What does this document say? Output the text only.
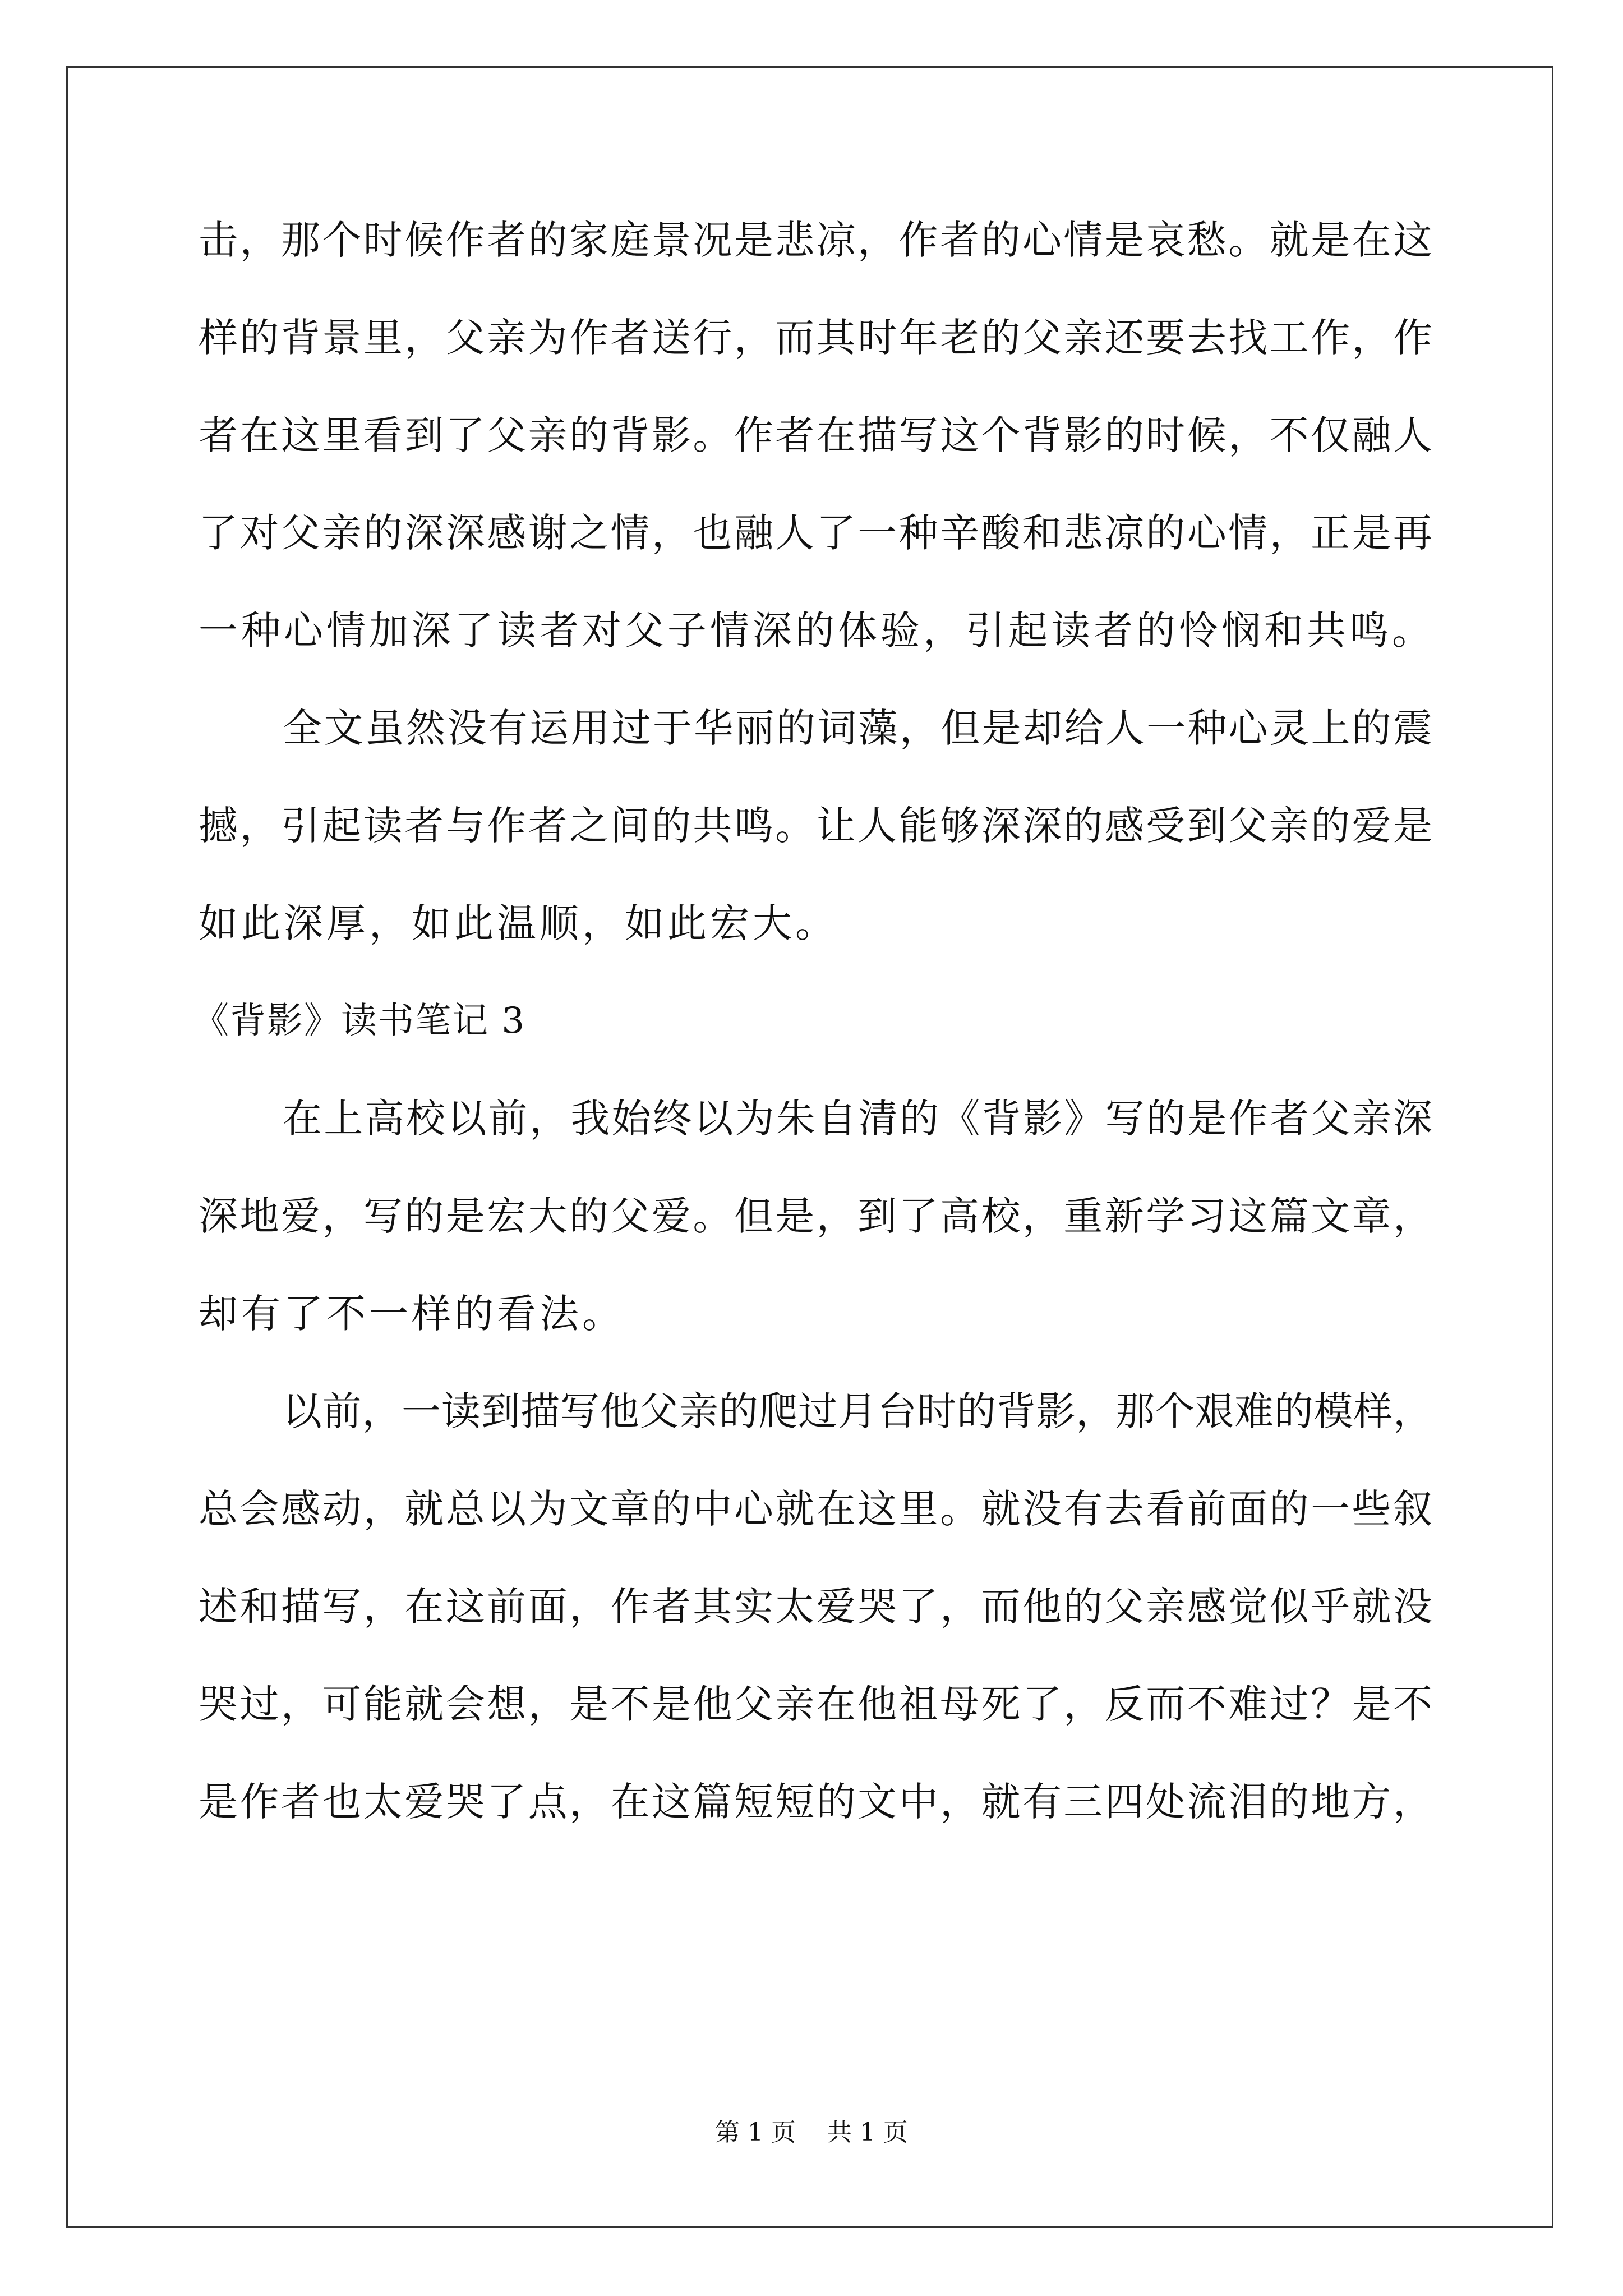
击，那个时候作者的家庭景况是悲凉，作者的心情是哀愁。就是在这
样的背景里，父亲为作者送行，而其时年老的父亲还要去找工作，作
者在这里看到了父亲的背影。作者在描写这个背影的时候，不仅融人
了对父亲的深深感谢之情，也融人了一种辛酸和悲凉的心情，正是再
一种心情加深了读者对父子情深的体验，引起读者的怜悯和共鸣。
全文虽然没有运用过于华丽的词藻，但是却给人一种心灵上的震
撼，引起读者与作者之间的共鸣。让人能够深深的感受到父亲的爱是
如此深厚，如此温顺，如此宏大。
《背影》读书笔记 3
在上高校以前，我始终以为朱自清的《背影》写的是作者父亲深
深地爱，写的是宏大的父爱。但是，到了高校，重新学习这篇文章，
却有了不一样的看法。
以前，一读到描写他父亲的爬过月台时的背影，那个艰难的模样，
总会感动，就总以为文章的中心就在这里。就没有去看前面的一些叙
述和描写，在这前面，作者其实太爱哭了，而他的父亲感觉似乎就没
哭过，可能就会想，是不是他父亲在他祖母死了，反而不难过？是不
是作者也太爱哭了点，在这篇短短的文中，就有三四处流泪的地方，
第 1 页    共 1 页
